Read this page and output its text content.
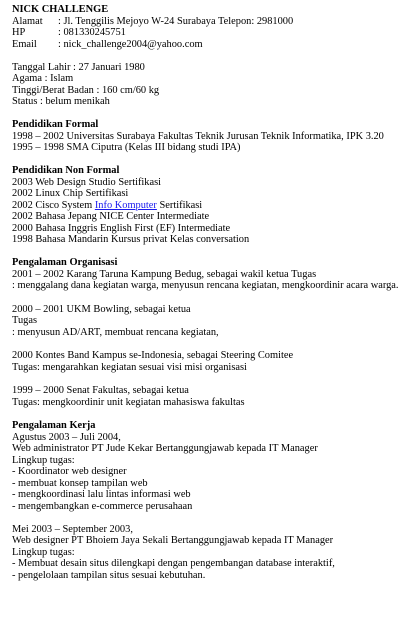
NICK CHALLENGE
Alamat : Jl. Tenggilis Mejoyo W-24 Surabaya Telepon: 2981000
HP	: 081330245751
Email : nick_challenge2004@yahoo.com
Tanggal Lahir : 27 Januari 1980
Agama : Islam
Tinggi/Berat Badan : 160 cm/60 kg
Status : belum menikah
Pendidikan Formal
1998 – 2002 Universitas Surabaya Fakultas Teknik Jurusan Teknik Informatika, IPK 3.20
1995 – 1998 SMA Ciputra (Kelas III bidang studi IPA)
Pendidikan Non Formal
2003 Web Design Studio Sertifikasi
2002 Linux Chip Sertifikasi
2002 Cisco System Info Komputer Sertifikasi
2002 Bahasa Jepang NICE Center Intermediate
2000 Bahasa Inggris English First (EF) Intermediate
1998 Bahasa Mandarin Kursus privat Kelas conversation
Pengalaman Organisasi
2001 – 2002 Karang Taruna Kampung Bedug, sebagai wakil ketua Tugas
: menggalang dana kegiatan warga, menyusun rencana kegiatan, mengkoordinir acara warga.
2000 – 2001 UKM Bowling, sebagai ketua
Tugas
: menyusun AD/ART, membuat rencana kegiatan,
2000 Kontes Band Kampus se-Indonesia, sebagai Steering Comitee
Tugas: mengarahkan kegiatan sesuai visi misi organisasi
1999 – 2000 Senat Fakultas, sebagai ketua
Tugas: mengkoordinir unit kegiatan mahasiswa fakultas
Pengalaman Kerja
Agustus 2003 – Juli 2004,
Web administrator PT Jude Kekar Bertanggungjawab kepada IT Manager
Lingkup tugas:
- Koordinator web designer
- membuat konsep tampilan web
- mengkoordinasi lalu lintas informasi web
- mengembangkan e-commerce perusahaan
Mei 2003 – September 2003,
Web designer PT Bhoiem Jaya Sekali Bertanggungjawab kepada IT Manager
Lingkup tugas:
- Membuat desain situs dilengkapi dengan pengembangan database interaktif,
- pengelolaan tampilan situs sesuai kebutuhan.
